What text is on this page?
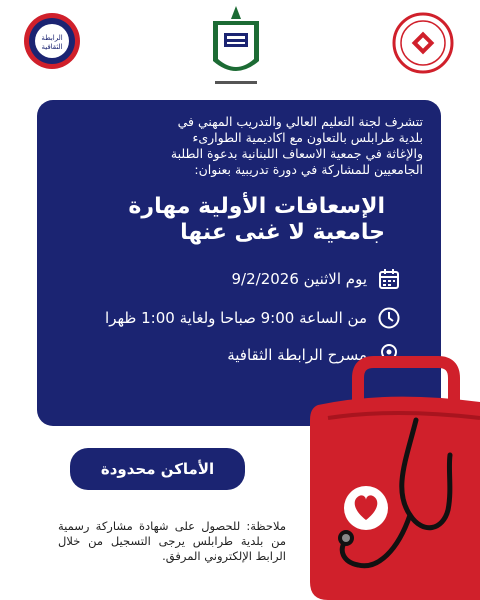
الرابطة
الثقافية

تتشرف لجنة التعليم العالي والتدريب المهني في
بلدية طرابلس بالتعاون مع اكاديمية الطوارىء
والإغاثة في جمعية الاسعاف اللبنانية بدعوة الطلبة
الجامعيين للمشاركة في دورة تدريبية بعنوان:

الإسعافات الأولية مهارة
جامعية لا غنى عنها
يوم الاثنين 9/2/2026
من الساعة 9:00 صباحا ولغاية 1:00 ظهرا
مسرح الرابطة الثقافية
الأماكن محدودة

ملاحظة: للحصول على شهادة مشاركة رسمية من بلدية طرابلس يرجى التسجيل من خلال الرابط الإلكتروني المرفق.
